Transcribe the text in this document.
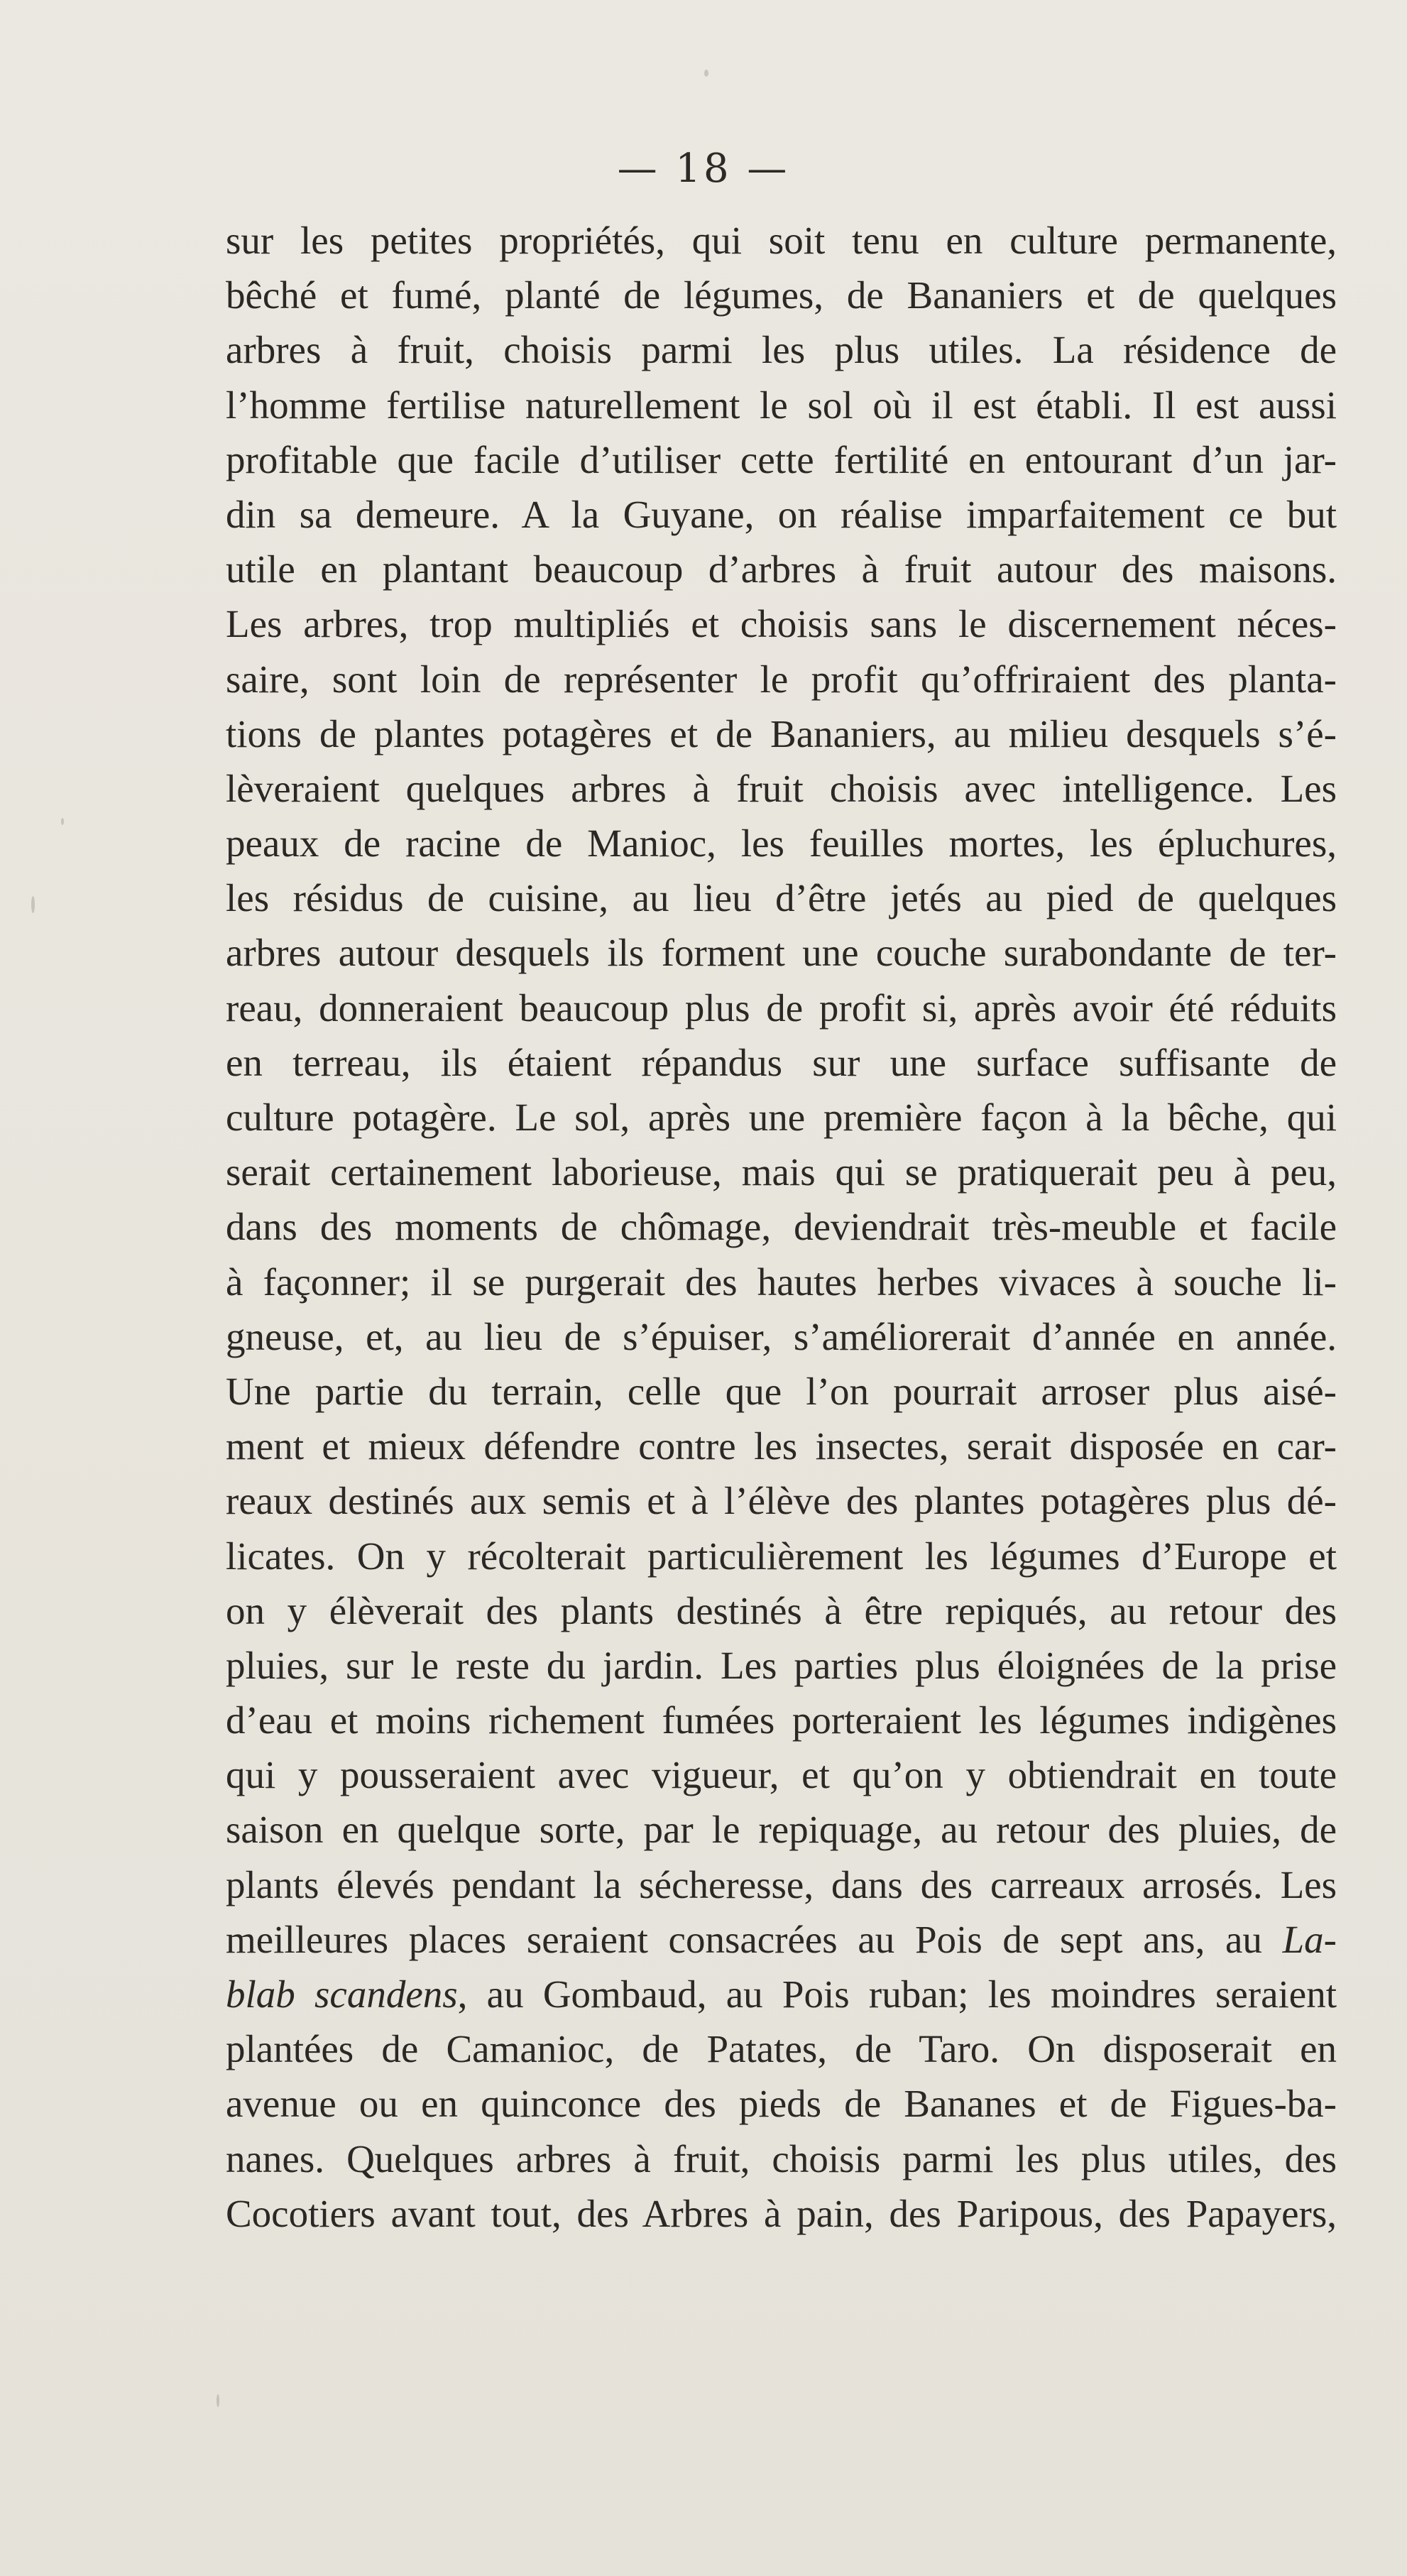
— 18 —
sur les petites propriétés, qui soit tenu en culture permanente,
bêché et fumé, planté de légumes, de Bananiers et de quelques
arbres à fruit, choisis parmi les plus utiles. La résidence de
l’homme fertilise naturellement le sol où il est établi. Il est aussi
profitable que facile d’utiliser cette fertilité en entourant d’un jar-
din sa demeure. A la Guyane, on réalise imparfaitement ce but
utile en plantant beaucoup d’arbres à fruit autour des maisons.
Les arbres, trop multipliés et choisis sans le discernement néces-
saire, sont loin de représenter le profit qu’offriraient des planta-
tions de plantes potagères et de Bananiers, au milieu desquels s’é-
lèveraient quelques arbres à fruit choisis avec intelligence. Les
peaux de racine de Manioc, les feuilles mortes, les épluchures,
les résidus de cuisine, au lieu d’être jetés au pied de quelques
arbres autour desquels ils forment une couche surabondante de ter-
reau, donneraient beaucoup plus de profit si, après avoir été réduits
en terreau, ils étaient répandus sur une surface suffisante de
culture potagère. Le sol, après une première façon à la bêche, qui
serait certainement laborieuse, mais qui se pratiquerait peu à peu,
dans des moments de chômage, deviendrait très-meuble et facile
à façonner; il se purgerait des hautes herbes vivaces à souche li-
gneuse, et, au lieu de s’épuiser, s’améliorerait d’année en année.
Une partie du terrain, celle que l’on pourrait arroser plus aisé-
ment et mieux défendre contre les insectes, serait disposée en car-
reaux destinés aux semis et à l’élève des plantes potagères plus dé-
licates. On y récolterait particulièrement les légumes d’Europe et
on y élèverait des plants destinés à être repiqués, au retour des
pluies, sur le reste du jardin. Les parties plus éloignées de la prise
d’eau et moins richement fumées porteraient les légumes indigènes
qui y pousseraient avec vigueur, et qu’on y obtiendrait en toute
saison en quelque sorte, par le repiquage, au retour des pluies, de
plants élevés pendant la sécheresse, dans des carreaux arrosés. Les
meilleures places seraient consacrées au Pois de sept ans, au La-
blab scandens, au Gombaud, au Pois ruban; les moindres seraient
plantées de Camanioc, de Patates, de Taro. On disposerait en
avenue ou en quinconce des pieds de Bananes et de Figues-ba-
nanes. Quelques arbres à fruit, choisis parmi les plus utiles, des
Cocotiers avant tout, des Arbres à pain, des Paripous, des Papayers,
